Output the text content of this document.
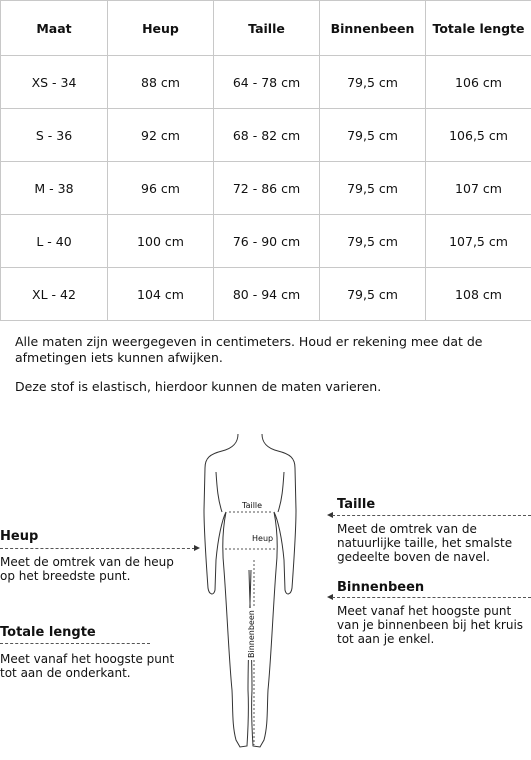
Maat	Heup	Taille	Binnenbeen	Totale lengte
XS - 34	88 cm	64 - 78 cm	79,5 cm	106 cm
S - 36	92 cm	68 - 82 cm	79,5 cm	106,5 cm
M - 38	96 cm	72 - 86 cm	79,5 cm	107 cm
L - 40	100 cm	76 - 90 cm	79,5 cm	107,5 cm
XL - 42	104 cm	80 - 94 cm	79,5 cm	108 cm

Alle maten zijn weergegeven in centimeters. Houd er rekening mee dat de afmetingen iets kunnen afwijken.

Deze stof is elastisch, hierdoor kunnen de maten varieren.

Taille
Heup
Binnenbeen
Heup

Meet de omtrek van de heup op het breedste punt.

Totale lengte

Meet vanaf het hoogste punt tot aan de onderkant.

Taille

Meet de omtrek van de natuurlijke taille, het smalste gedeelte boven de navel.

Binnenbeen

Meet vanaf het hoogste punt van je binnenbeen bij het kruis tot aan je enkel.
